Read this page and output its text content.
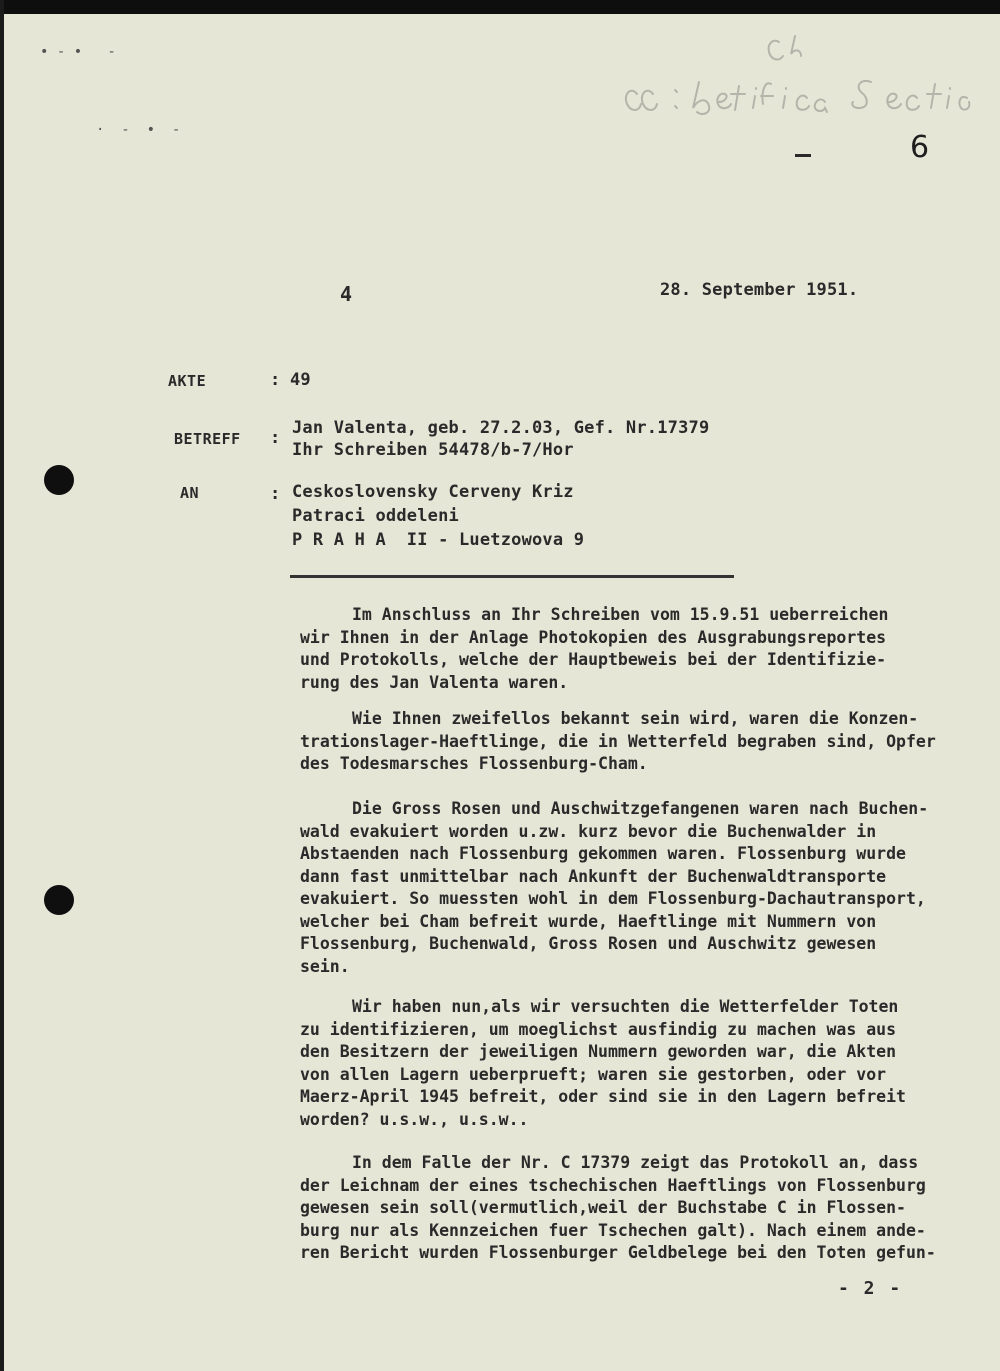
• ‑ •   ‑
·  ‑  •  ‑	6
4	28. September 1951.
AKTE	: 49
BETREFF : Jan Valenta, geb. 27.2.03, Gef. Nr.17379
Ihr Schreiben 54478/b-7/Hor
AN	: Ceskoslovensky Cerveny Kriz
Patraci oddeleni
P R A H A  II - Luetzowova 9
Im Anschluss an Ihr Schreiben vom 15.9.51 ueberreichen
wir Ihnen in der Anlage Photokopien des Ausgrabungsreportes
und Protokolls, welche der Hauptbeweis bei der Identifizie-
rung des Jan Valenta waren.
Wie Ihnen zweifellos bekannt sein wird, waren die Konzen-
trationslager-Haeftlinge, die in Wetterfeld begraben sind, Opfer
des Todesmarsches Flossenburg-Cham.
Die Gross Rosen und Auschwitzgefangenen waren nach Buchen-
wald evakuiert worden u.zw. kurz bevor die Buchenwalder in
Abstaenden nach Flossenburg gekommen waren. Flossenburg wurde
dann fast unmittelbar nach Ankunft der Buchenwaldtransporte
evakuiert. So muessten wohl in dem Flossenburg-Dachautransport,
welcher bei Cham befreit wurde, Haeftlinge mit Nummern von
Flossenburg, Buchenwald, Gross Rosen und Auschwitz gewesen
sein.
Wir haben nun,als wir versuchten die Wetterfelder Toten
zu identifizieren, um moeglichst ausfindig zu machen was aus
den Besitzern der jeweiligen Nummern geworden war, die Akten
von allen Lagern ueberprueft; waren sie gestorben, oder vor
Maerz-April 1945 befreit, oder sind sie in den Lagern befreit
worden? u.s.w., u.s.w..
In dem Falle der Nr. C 17379 zeigt das Protokoll an, dass
der Leichnam der eines tschechischen Haeftlings von Flossenburg
gewesen sein soll(vermutlich,weil der Buchstabe C in Flossen-
burg nur als Kennzeichen fuer Tschechen galt). Nach einem ande-
ren Bericht wurden Flossenburger Geldbelege bei den Toten gefun-
- 2 -
